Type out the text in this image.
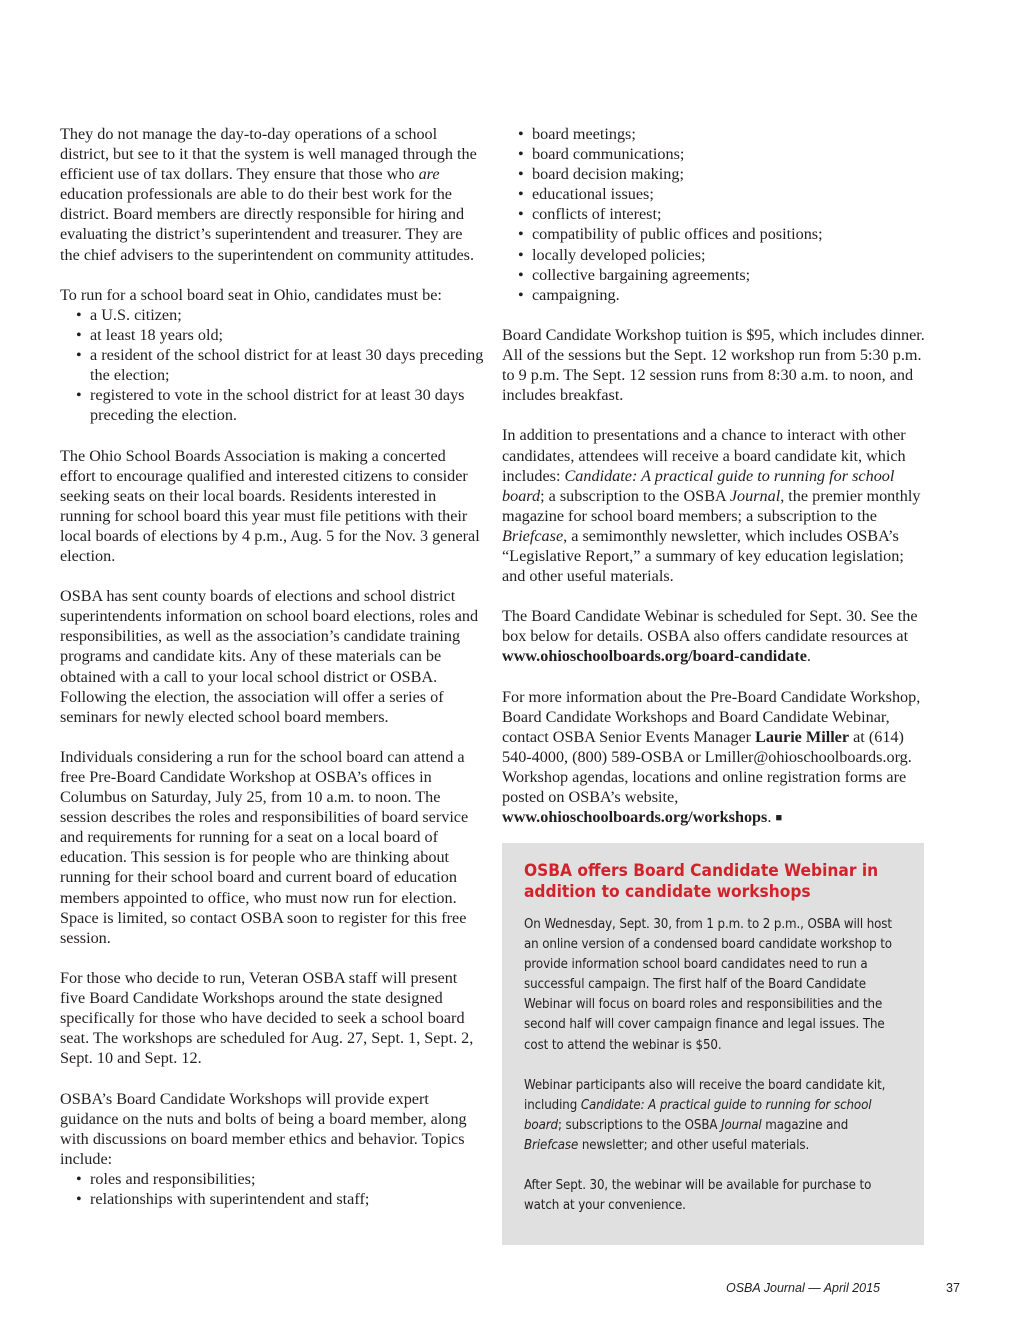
They do not manage the day-to-day operations of a school district, but see to it that the system is well managed through the efficient use of tax dollars. They ensure that those who are education professionals are able to do their best work for the district. Board members are directly responsible for hiring and evaluating the district’s superintendent and treasurer. They are the chief advisers to the superintendent on community attitudes.

To run for a school board seat in Ohio, candidates must be:
• a U.S. citizen;
• at least 18 years old;
• a resident of the school district for at least 30 days preceding the election;
• registered to vote in the school district for at least 30 days preceding the election.

The Ohio School Boards Association is making a concerted effort to encourage qualified and interested citizens to consider seeking seats on their local boards. Residents interested in running for school board this year must file petitions with their local boards of elections by 4 p.m., Aug. 5 for the Nov. 3 general election.

OSBA has sent county boards of elections and school district superintendents information on school board elections, roles and responsibilities, as well as the association’s candidate training programs and candidate kits. Any of these materials can be obtained with a call to your local school district or OSBA. Following the election, the association will offer a series of seminars for newly elected school board members.

Individuals considering a run for the school board can attend a free Pre-Board Candidate Workshop at OSBA’s offices in Columbus on Saturday, July 25, from 10 a.m. to noon. The session describes the roles and responsibilities of board service and requirements for running for a seat on a local board of education. This session is for people who are thinking about running for their school board and current board of education members appointed to office, who must now run for election. Space is limited, so contact OSBA soon to register for this free session.

For those who decide to run, Veteran OSBA staff will present five Board Candidate Workshops around the state designed specifically for those who have decided to seek a school board seat. The workshops are scheduled for Aug. 27, Sept. 1, Sept. 2, Sept. 10 and Sept. 12.

OSBA’s Board Candidate Workshops will provide expert guidance on the nuts and bolts of being a board member, along with discussions on board member ethics and behavior. Topics include:
• roles and responsibilities;
• relationships with superintendent and staff;
• board meetings;
• board communications;
• board decision making;
• educational issues;
• conflicts of interest;
• compatibility of public offices and positions;
• locally developed policies;
• collective bargaining agreements;
• campaigning.

Board Candidate Workshop tuition is $95, which includes dinner. All of the sessions but the Sept. 12 workshop run from 5:30 p.m. to 9 p.m. The Sept. 12 session runs from 8:30 a.m. to noon, and includes breakfast.

In addition to presentations and a chance to interact with other candidates, attendees will receive a board candidate kit, which includes: Candidate: A practical guide to running for school board; a subscription to the OSBA Journal, the premier monthly magazine for school board members; a subscription to the Briefcase, a semimonthly newsletter, which includes OSBA’s “Legislative Report,” a summary of key education legislation; and other useful materials.

The Board Candidate Webinar is scheduled for Sept. 30. See the box below for details. OSBA also offers candidate resources at www.ohioschoolboards.org/board-candidate.

For more information about the Pre-Board Candidate Workshop, Board Candidate Workshops and Board Candidate Webinar, contact OSBA Senior Events Manager Laurie Miller at (614) 540-4000, (800) 589-OSBA or Lmiller@ohioschoolboards.org. Workshop agendas, locations and online registration forms are posted on OSBA’s website, www.ohioschoolboards.org/workshops. ■

OSBA offers Board Candidate Webinar in addition to candidate workshops

On Wednesday, Sept. 30, from 1 p.m. to 2 p.m., OSBA will host an online version of a condensed board candidate workshop to provide information school board candidates need to run a successful campaign. The first half of the Board Candidate Webinar will focus on board roles and responsibilities and the second half will cover campaign finance and legal issues. The cost to attend the webinar is $50.

Webinar participants also will receive the board candidate kit, including Candidate: A practical guide to running for school board; subscriptions to the OSBA Journal magazine and Briefcase newsletter; and other useful materials.

After Sept. 30, the webinar will be available for purchase to watch at your convenience.

OSBA Journal — April 2015	37
